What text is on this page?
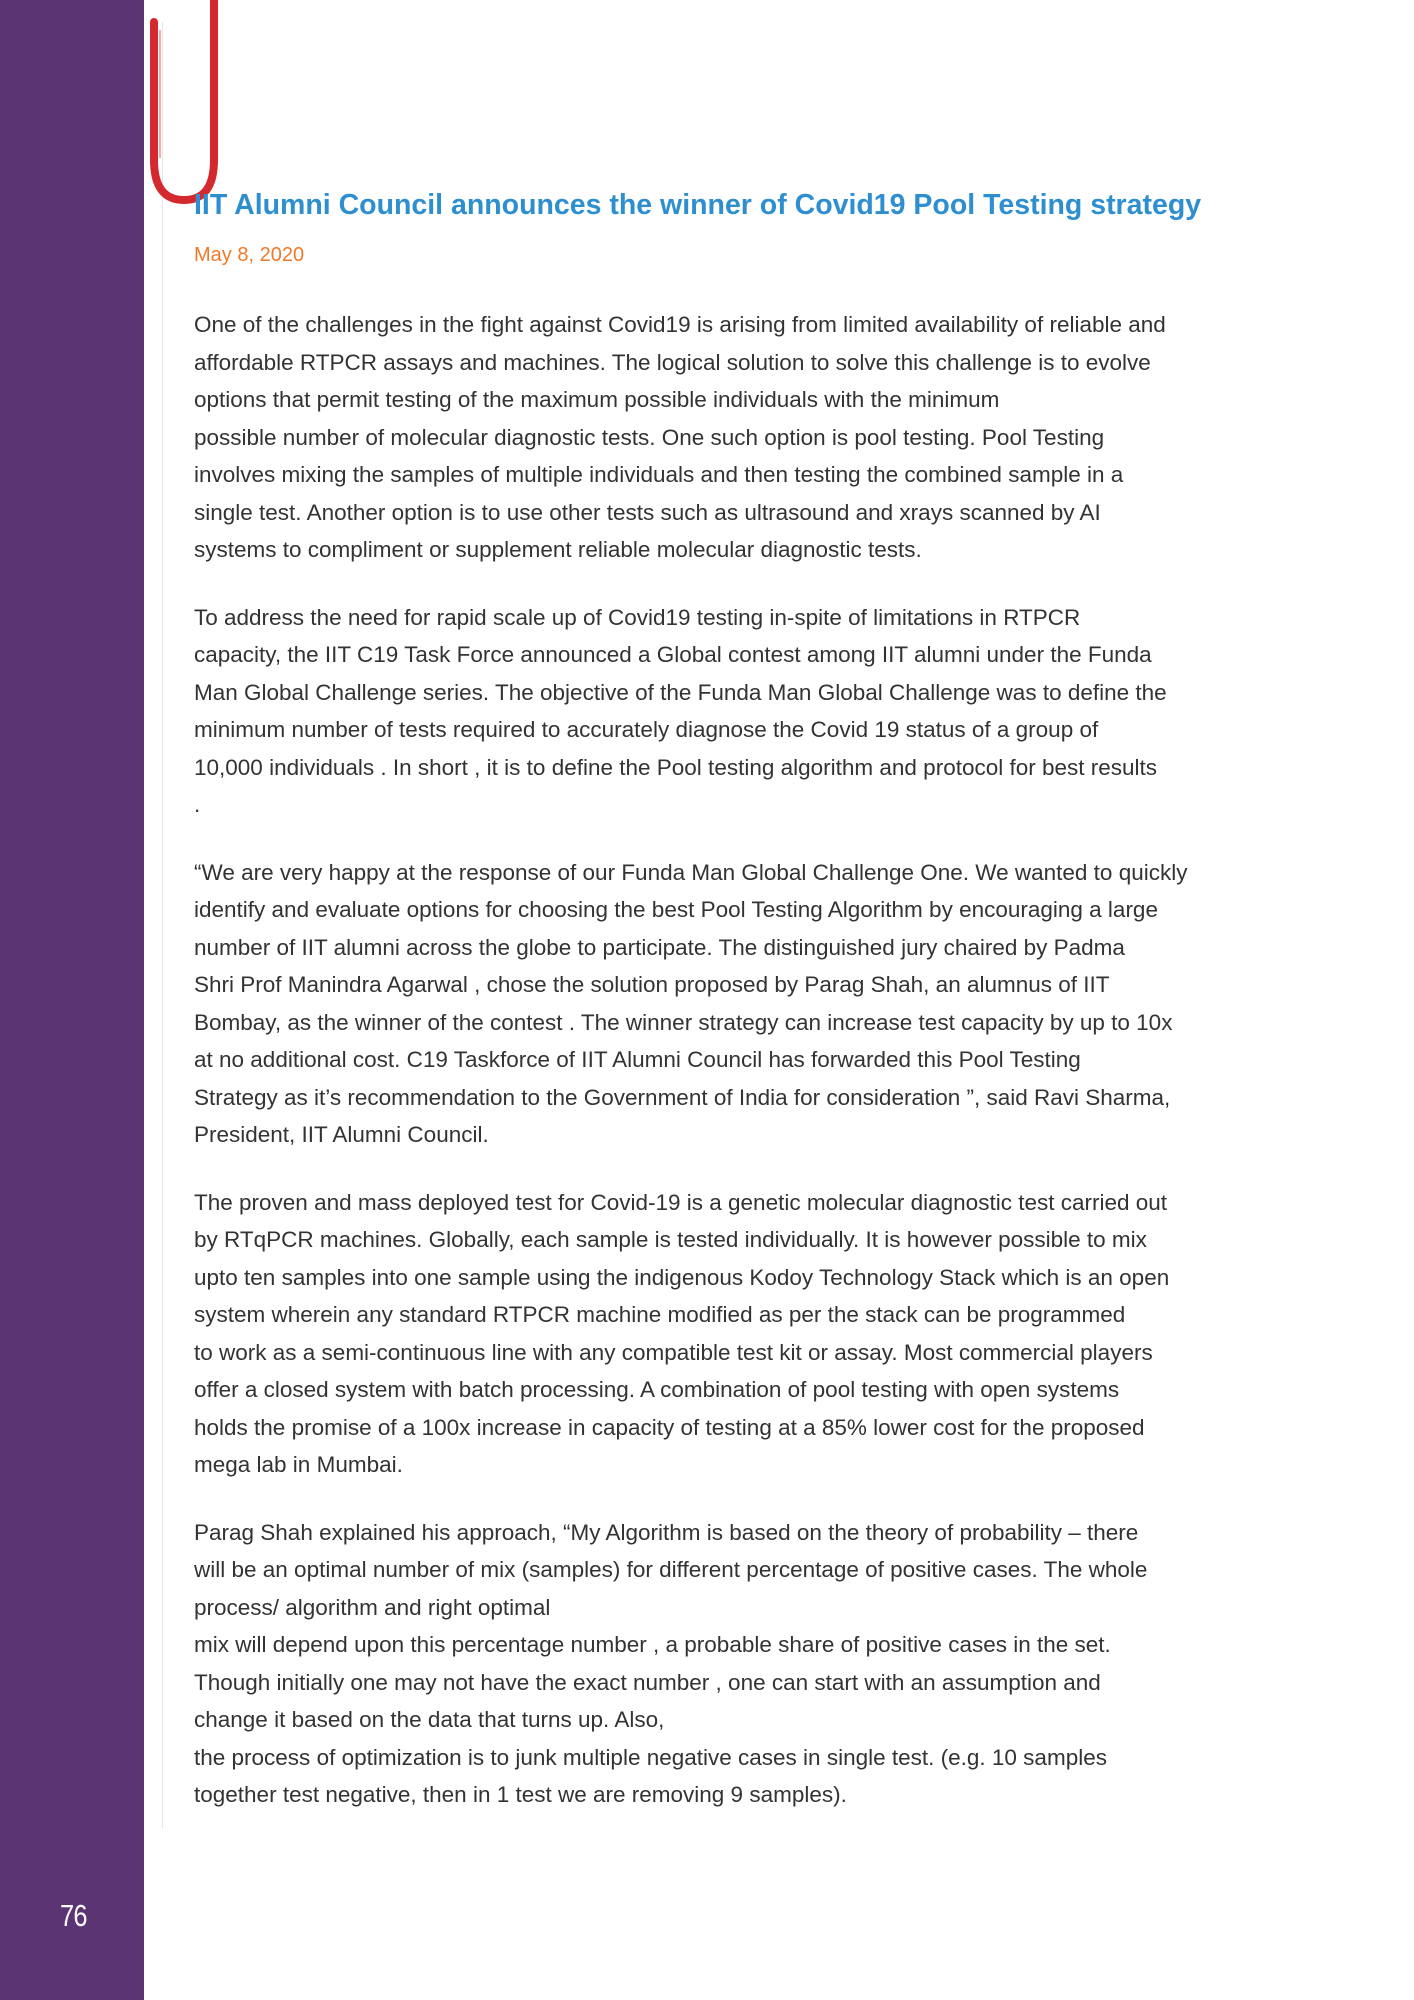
76
IIT Alumni Council announces the winner of Covid19 Pool Testing strategy
May 8, 2020

One of the challenges in the fight against Covid19 is arising from limited availability of reliable and
affordable RTPCR assays and machines. The logical solution to solve this challenge is to evolve
options that permit testing of the maximum possible individuals with the minimum
possible number of molecular diagnostic tests. One such option is pool testing. Pool Testing
involves mixing the samples of multiple individuals and then testing the combined sample in a
single test. Another option is to use other tests such as ultrasound and xrays scanned by AI
systems to compliment or supplement reliable molecular diagnostic tests.

To address the need for rapid scale up of Covid19 testing in-spite of limitations in RTPCR
capacity, the IIT C19 Task Force announced a Global contest among IIT alumni under the Funda
Man Global Challenge series. The objective of the Funda Man Global Challenge was to define the
minimum number of tests required to accurately diagnose the Covid 19 status of a group of
10,000 individuals . In short , it is to define the Pool testing algorithm and protocol for best results
.

“We are very happy at the response of our Funda Man Global Challenge One. We wanted to quickly
identify and evaluate options for choosing the best Pool Testing Algorithm by encouraging a large
number of IIT alumni across the globe to participate. The distinguished jury chaired by Padma
Shri Prof Manindra Agarwal , chose the solution proposed by Parag Shah, an alumnus of IIT
Bombay, as the winner of the contest . The winner strategy can increase test capacity by up to 10x
at no additional cost. C19 Taskforce of IIT Alumni Council has forwarded this Pool Testing
Strategy as it’s recommendation to the Government of India for consideration ”, said Ravi Sharma,
President, IIT Alumni Council.

The proven and mass deployed test for Covid-19 is a genetic molecular diagnostic test carried out
by RTqPCR machines. Globally, each sample is tested individually. It is however possible to mix
upto ten samples into one sample using the indigenous Kodoy Technology Stack which is an open
system wherein any standard RTPCR machine modified as per the stack can be programmed
to work as a semi-continuous line with any compatible test kit or assay. Most commercial players
offer a closed system with batch processing. A combination of pool testing with open systems
holds the promise of a 100x increase in capacity of testing at a 85% lower cost for the proposed
mega lab in Mumbai.

Parag Shah explained his approach, “My Algorithm is based on the theory of probability – there
will be an optimal number of mix (samples) for different percentage of positive cases. The whole
process/ algorithm and right optimal
mix will depend upon this percentage number , a probable share of positive cases in the set.
Though initially one may not have the exact number , one can start with an assumption and
change it based on the data that turns up. Also,
the process of optimization is to junk multiple negative cases in single test. (e.g. 10 samples
together test negative, then in 1 test we are removing 9 samples).
